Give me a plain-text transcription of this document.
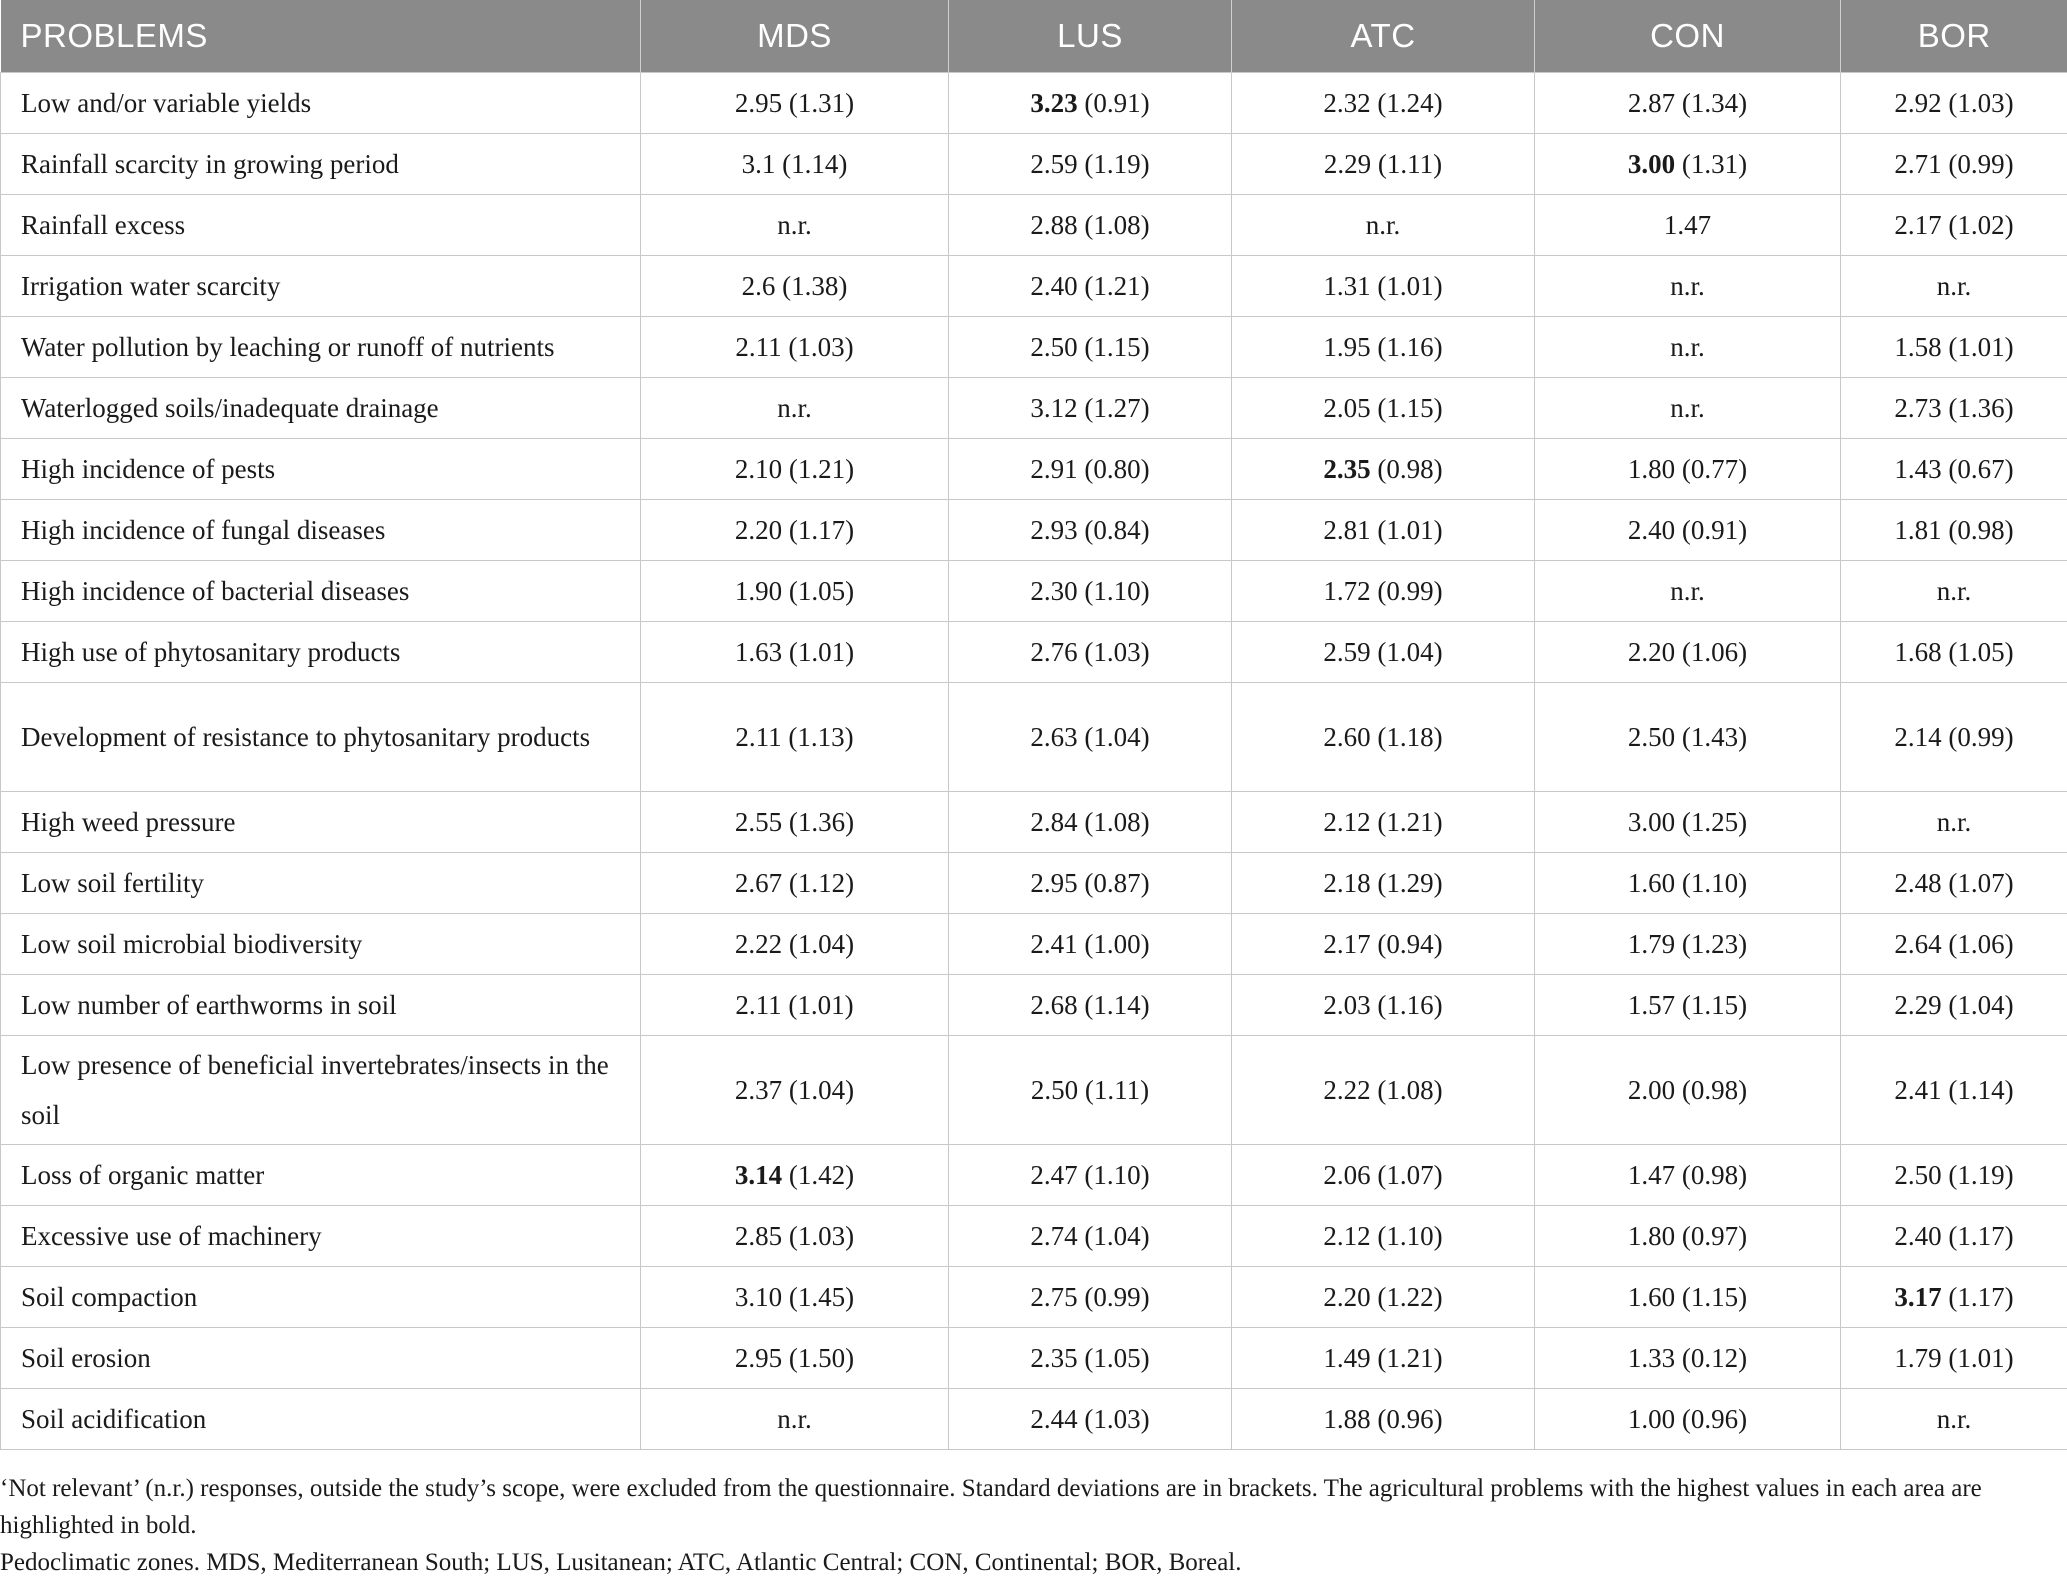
PROBLEMS	MDS	LUS	ATC	CON	BOR
Low and/or variable yields	2.95 (1.31)	3.23 (0.91)	2.32 (1.24)	2.87 (1.34)	2.92 (1.03)
Rainfall scarcity in growing period	3.1 (1.14)	2.59 (1.19)	2.29 (1.11)	3.00 (1.31)	2.71 (0.99)
Rainfall excess	n.r.	2.88 (1.08)	n.r.	1.47	2.17 (1.02)
Irrigation water scarcity	2.6 (1.38)	2.40 (1.21)	1.31 (1.01)	n.r.	n.r.
Water pollution by leaching or runoff of nutrients	2.11 (1.03)	2.50 (1.15)	1.95 (1.16)	n.r.	1.58 (1.01)
Waterlogged soils/inadequate drainage	n.r.	3.12 (1.27)	2.05 (1.15)	n.r.	2.73 (1.36)
High incidence of pests	2.10 (1.21)	2.91 (0.80)	2.35 (0.98)	1.80 (0.77)	1.43 (0.67)
High incidence of fungal diseases	2.20 (1.17)	2.93 (0.84)	2.81 (1.01)	2.40 (0.91)	1.81 (0.98)
High incidence of bacterial diseases	1.90 (1.05)	2.30 (1.10)	1.72 (0.99)	n.r.	n.r.
High use of phytosanitary products	1.63 (1.01)	2.76 (1.03)	2.59 (1.04)	2.20 (1.06)	1.68 (1.05)
Development of resistance to phytosanitary products	2.11 (1.13)	2.63 (1.04)	2.60 (1.18)	2.50 (1.43)	2.14 (0.99)
High weed pressure	2.55 (1.36)	2.84 (1.08)	2.12 (1.21)	3.00 (1.25)	n.r.
Low soil fertility	2.67 (1.12)	2.95 (0.87)	2.18 (1.29)	1.60 (1.10)	2.48 (1.07)
Low soil microbial biodiversity	2.22 (1.04)	2.41 (1.00)	2.17 (0.94)	1.79 (1.23)	2.64 (1.06)
Low number of earthworms in soil	2.11 (1.01)	2.68 (1.14)	2.03 (1.16)	1.57 (1.15)	2.29 (1.04)
Low presence of beneficial invertebrates/insects in the soil	2.37 (1.04)	2.50 (1.11)	2.22 (1.08)	2.00 (0.98)	2.41 (1.14)
Loss of organic matter	3.14 (1.42)	2.47 (1.10)	2.06 (1.07)	1.47 (0.98)	2.50 (1.19)
Excessive use of machinery	2.85 (1.03)	2.74 (1.04)	2.12 (1.10)	1.80 (0.97)	2.40 (1.17)
Soil compaction	3.10 (1.45)	2.75 (0.99)	2.20 (1.22)	1.60 (1.15)	3.17 (1.17)
Soil erosion	2.95 (1.50)	2.35 (1.05)	1.49 (1.21)	1.33 (0.12)	1.79 (1.01)
Soil acidification	n.r.	2.44 (1.03)	1.88 (0.96)	1.00 (0.96)	n.r.

‘Not relevant’ (n.r.) responses, outside the study’s scope, were excluded from the questionnaire. Standard deviations are in brackets. The agricultural problems with the highest values in each area are highlighted in bold.

Pedoclimatic zones. MDS, Mediterranean South; LUS, Lusitanean; ATC, Atlantic Central; CON, Continental; BOR, Boreal.
